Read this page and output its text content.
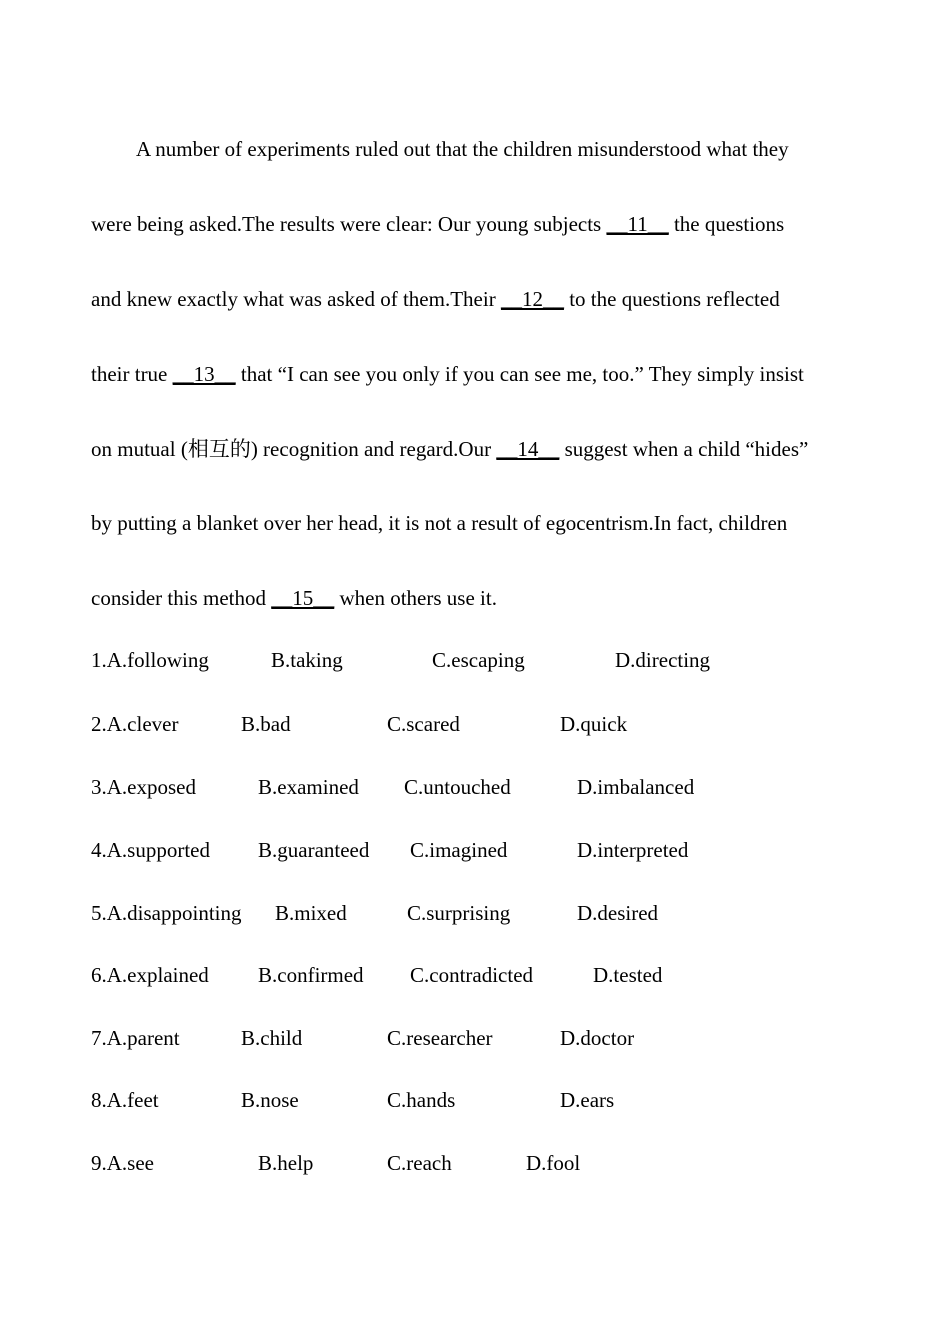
A number of experiments ruled out that the children misunderstood what they
were being asked.The results were clear: Our young subjects __11__ the questions
and knew exactly what was asked of them.Their __12__ to the questions reflected
their true __13__ that “I can see you only if you can see me, too.” They simply insist
on mutual (相互的) recognition and regard.Our __14__ suggest when a child “hides”
by putting a blanket over her head, it is not a result of egocentrism.In fact, children
consider this method __15__ when others use it.
1.A.following	B.taking	C.escaping	D.directing
2.A.clever	B.bad	C.scared	D.quick
3.A.exposed	B.examined C.untouched	D.imbalanced
4.A.supported B.guaranteed C.imagined	D.interpreted
5.A.disappointing B.mixed	C.surprising	D.desired
6.A.explained B.confirmed C.contradicted	D.tested
7.A.parent	B.child	C.researcher	D.doctor
8.A.feet	B.nose	C.hands	D.ears
9.A.see	B.help	C.reach	D.fool
